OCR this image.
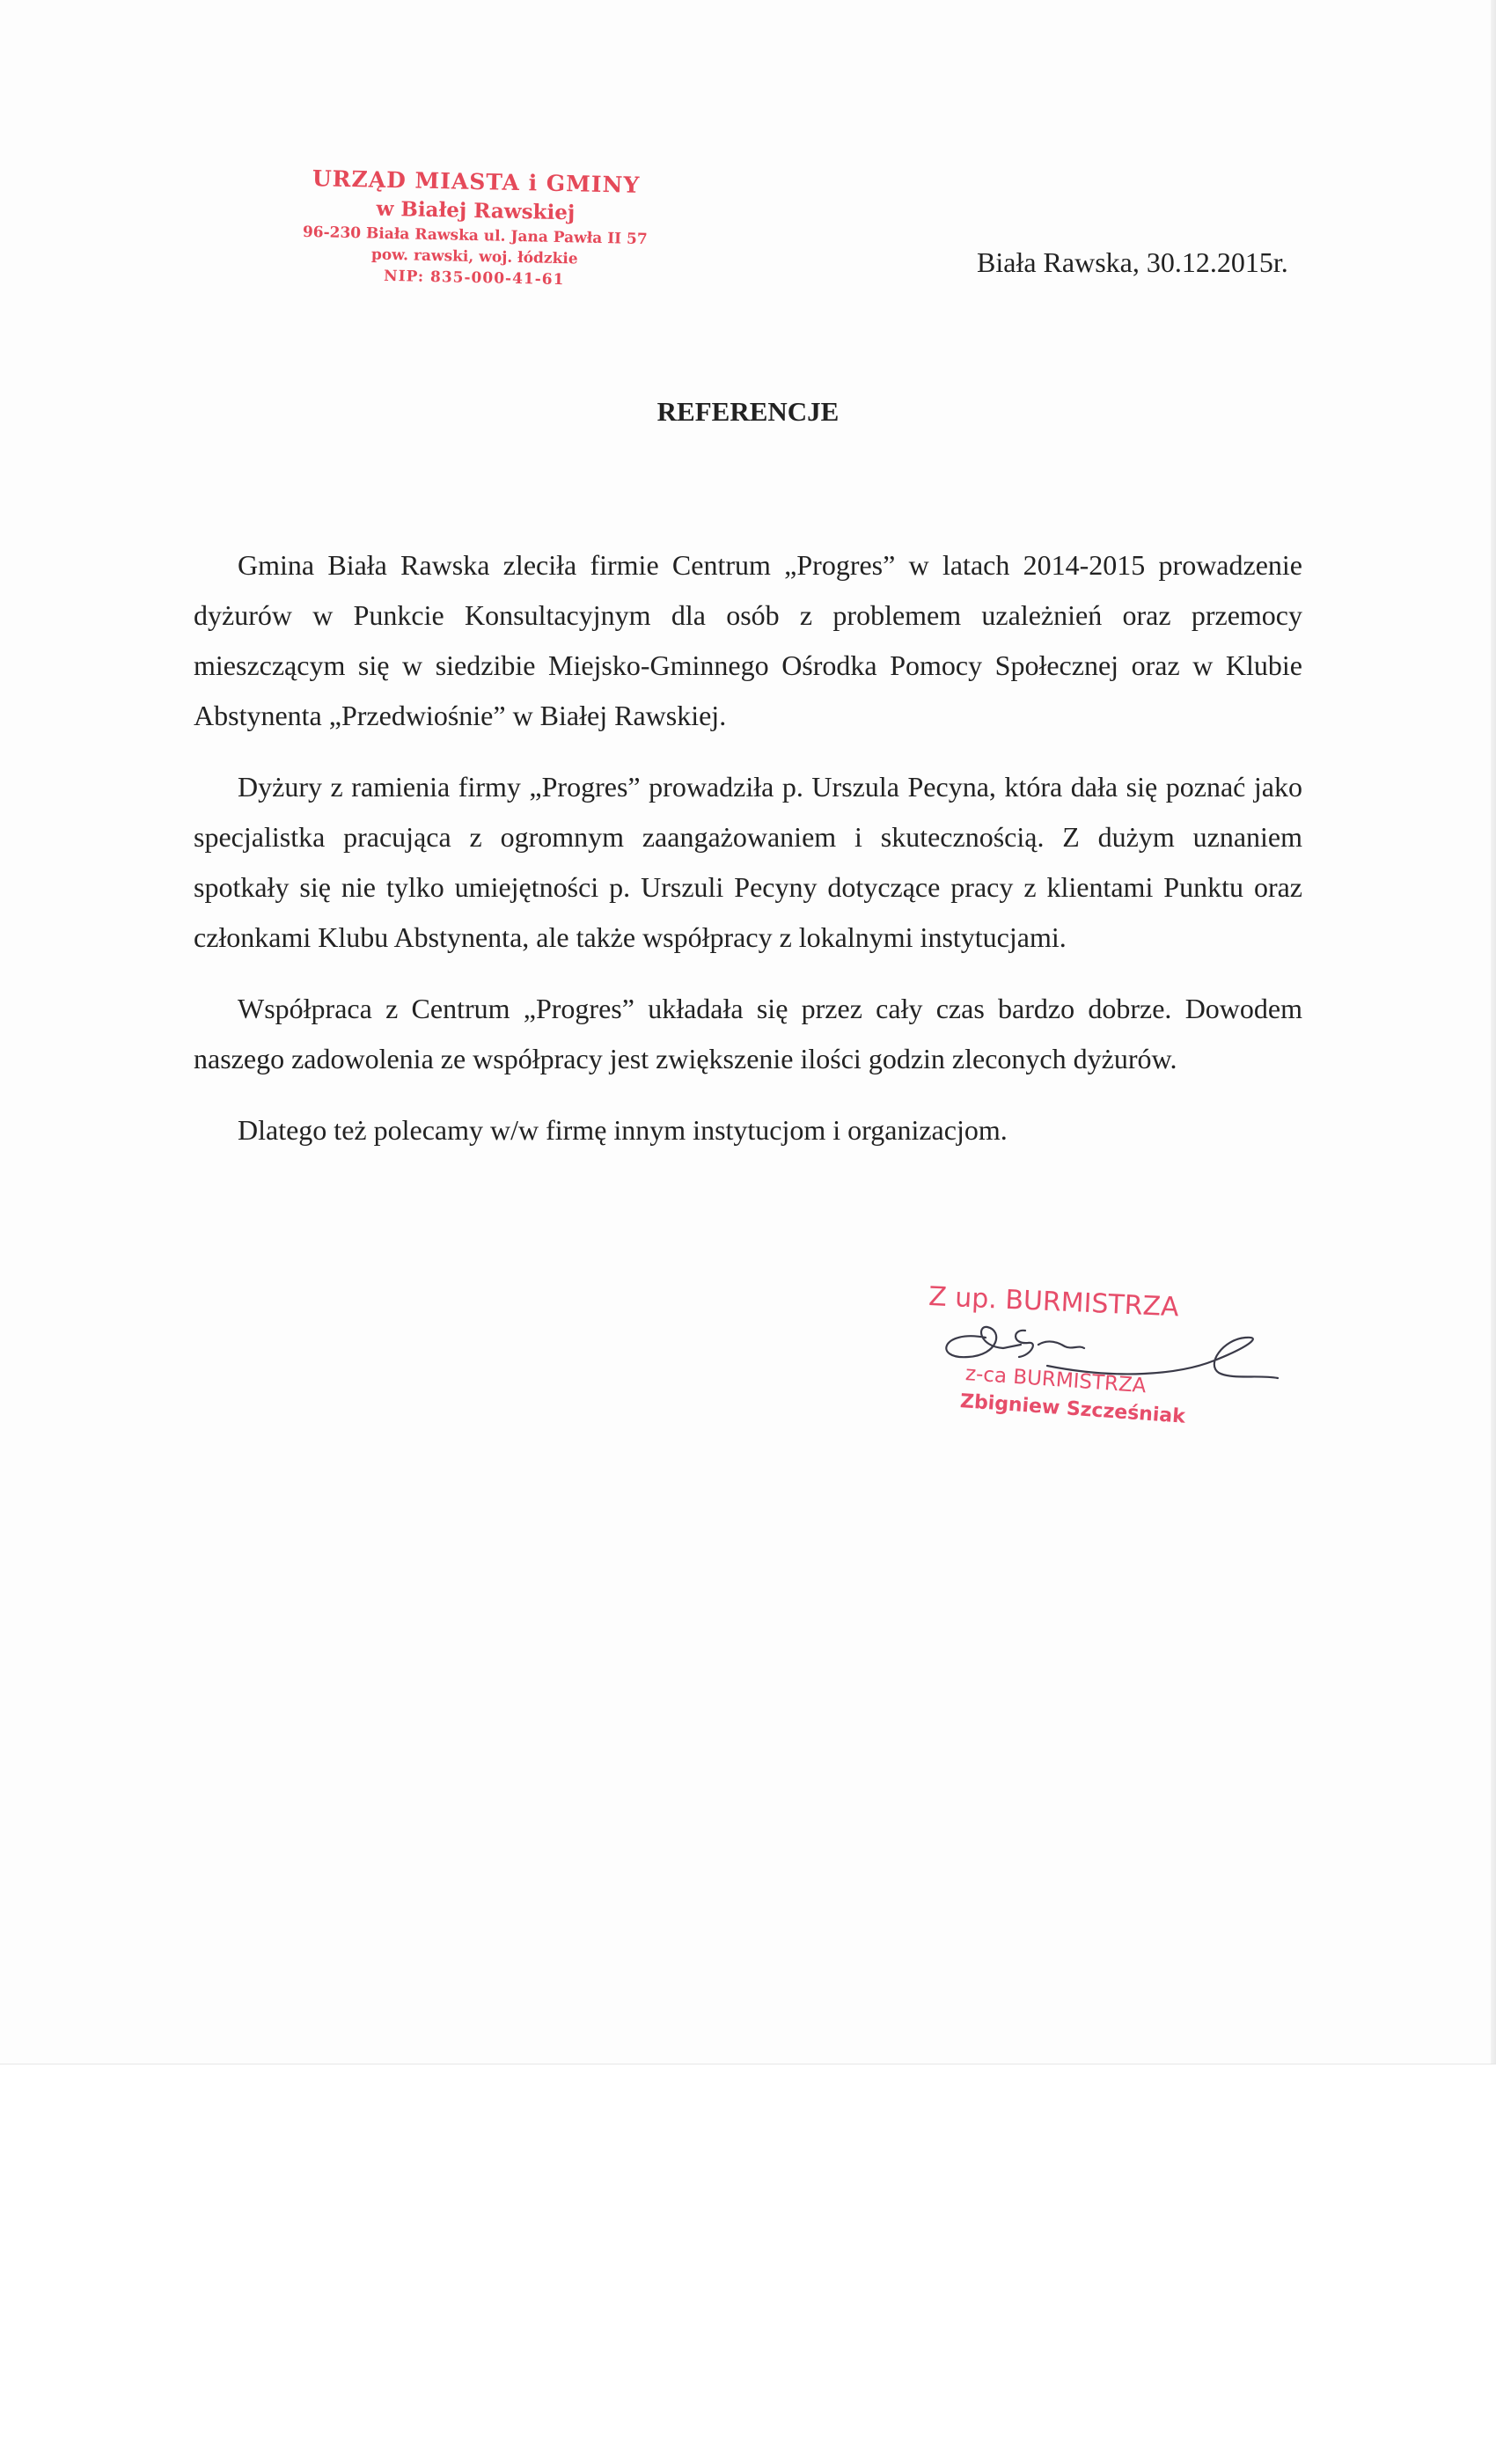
URZĄD MIASTA i GMINY
w Białej Rawskiej
96-230 Biała Rawska ul. Jana Pawła II 57
pow. rawski, woj. łódzkie
NIP: 835-000-41-61	Biała Rawska, 30.12.2015r.
REFERENCJE

Gmina Biała Rawska zleciła firmie Centrum „Progres” w latach 2014-2015 prowadzenie dyżurów w Punkcie Konsultacyjnym dla osób z problemem uzależnień oraz przemocy mieszczącym się w siedzibie Miejsko-Gminnego Ośrodka Pomocy Społecznej oraz w Klubie Abstynenta „Przedwiośnie” w Białej Rawskiej.

Dyżury z ramienia firmy „Progres” prowadziła p. Urszula Pecyna, która dała się poznać jako specjalistka pracująca z ogromnym zaangażowaniem i skutecznością. Z dużym uznaniem spotkały się nie tylko umiejętności p. Urszuli Pecyny dotyczące pracy z klientami Punktu oraz członkami Klubu Abstynenta, ale także współpracy z lokalnymi instytucjami.

Współpraca z Centrum „Progres” układała się przez cały czas bardzo dobrze. Dowodem naszego zadowolenia ze współpracy jest zwiększenie ilości godzin zleconych dyżurów.

Dlatego też polecamy w/w firmę innym instytucjom i organizacjom.

Z up. BURMISTRZA
z-ca BURMISTRZA
Zbigniew Szcześniak
